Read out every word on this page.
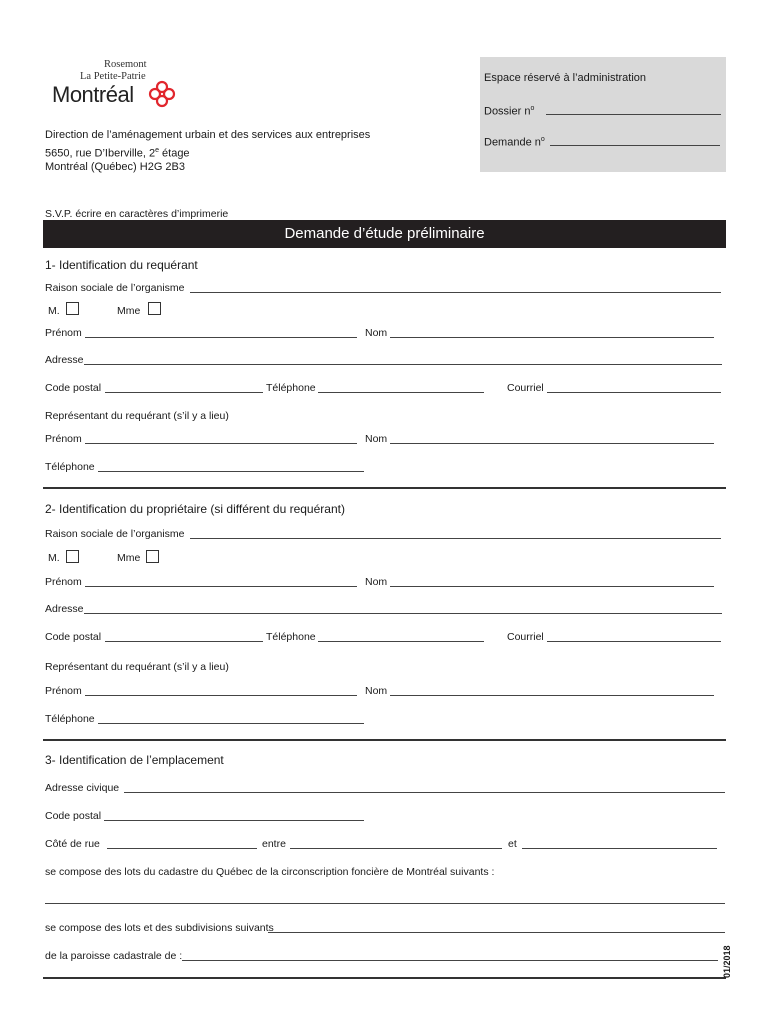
Rosemont
La Petite-Patrie
Montréal
Direction de l’aménagement urbain et des services aux entreprises
5650, rue D’Iberville, 2e étage
Montréal (Québec) H2G 2B3
Espace réservé à l’administration
Dossier $n^o$
Demande $n^o$
S.V.P. écrire en caractères d’imprimerie
Demande d’étude préliminaire
1- Identification du requérant
Raison sociale de l’organisme
M.	Mme
Prénom	Nom
Adresse
Code postal	Téléphone	Courriel
Représentant du requérant (s’il y a lieu)
Prénom	Nom
Téléphone
2- Identification du propriétaire (si différent du requérant)
Raison sociale de l’organisme
M.	Mme
Prénom	Nom
Adresse
Code postal	Téléphone	Courriel
Représentant du requérant (s’il y a lieu)
Prénom	Nom
Téléphone
3- Identification de l’emplacement
Adresse civique
Code postal
Côté de rue	entre	et
se compose des lots du cadastre du Québec de la circonscription foncière de Montréal suivants :
se compose des lots et des subdivisions suivants
de la paroisse cadastrale de :	01/2018
